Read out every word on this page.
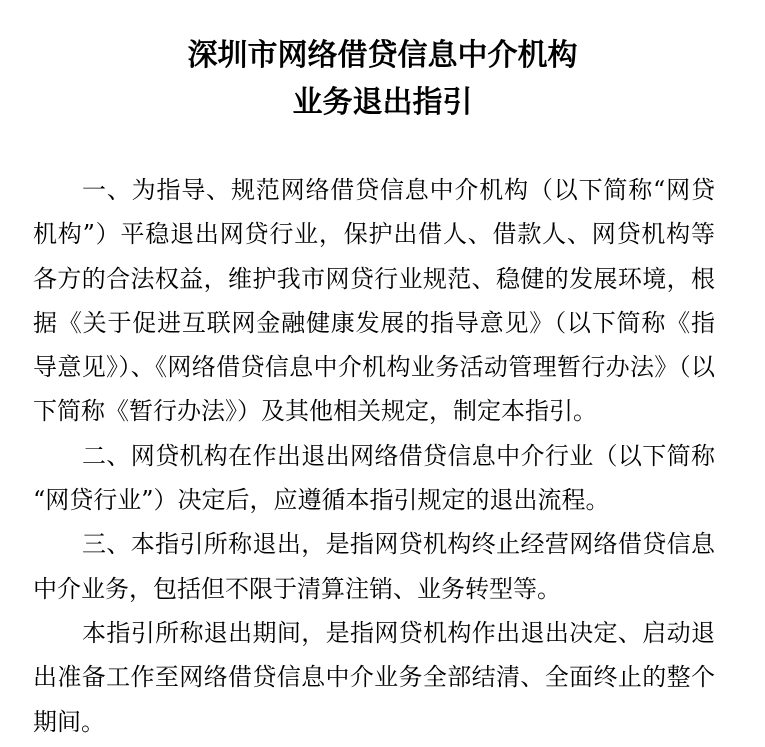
深圳市网络借贷信息中介机构
业务退出指引
一、为指导、规范网络借贷信息中介机构（以下简称“网贷
机构”）平稳退出网贷行业，保护出借人、借款人、网贷机构等
各方的合法权益，维护我市网贷行业规范、稳健的发展环境，根
据《关于促进互联网金融健康发展的指导意见》（以下简称《指
导意见》）、《网络借贷信息中介机构业务活动管理暂行办法》（以
下简称《暂行办法》）及其他相关规定，制定本指引。
二、网贷机构在作出退出网络借贷信息中介行业（以下简称
“网贷行业”）决定后，应遵循本指引规定的退出流程。
三、本指引所称退出，是指网贷机构终止经营网络借贷信息
中介业务，包括但不限于清算注销、业务转型等。
本指引所称退出期间，是指网贷机构作出退出决定、启动退
出准备工作至网络借贷信息中介业务全部结清、全面终止的整个
期间。
